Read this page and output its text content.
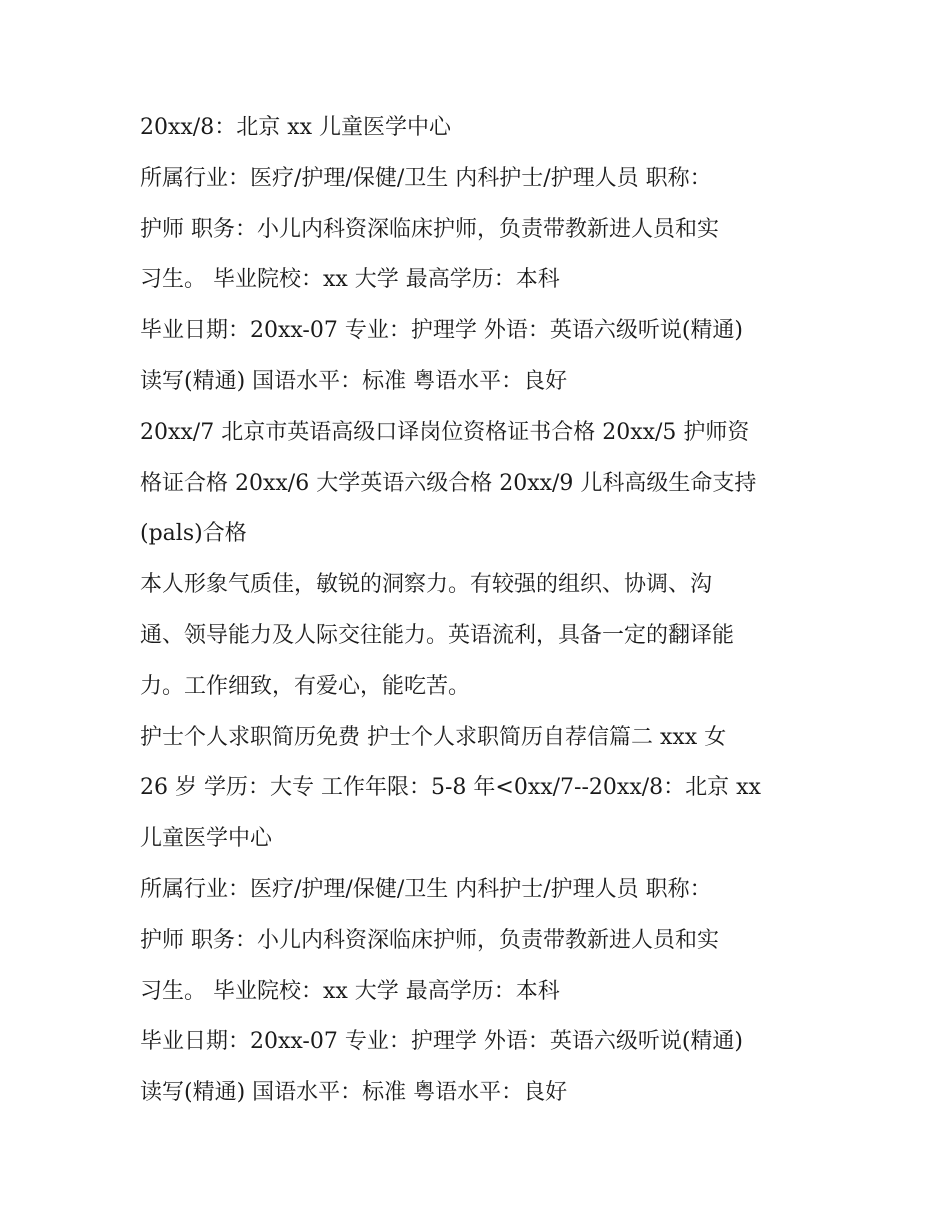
20xx/8：北京 xx 儿童医学中心
所属行业：医疗/护理/保健/卫生 内科护士/护理人员 职称：
护师 职务：小儿内科资深临床护师，负责带教新进人员和实
习生。 毕业院校：xx 大学 最高学历：本科
毕业日期：20xx-07 专业：护理学 外语：英语六级听说(精通)
读写(精通) 国语水平：标准 粤语水平：良好
20xx/7 北京市英语高级口译岗位资格证书合格 20xx/5 护师资
格证合格 20xx/6 大学英语六级合格 20xx/9 儿科高级生命支持
(pals)合格
本人形象气质佳，敏锐的洞察力。有较强的组织、协调、沟
通、领导能力及人际交往能力。英语流利，具备一定的翻译能
力。工作细致，有爱心，能吃苦。
护士个人求职简历免费 护士个人求职简历自荐信篇二 xxx 女
26 岁 学历：大专 工作年限：5-8 年<0xx/7--20xx/8：北京 xx
儿童医学中心
所属行业：医疗/护理/保健/卫生 内科护士/护理人员 职称：
护师 职务：小儿内科资深临床护师，负责带教新进人员和实
习生。 毕业院校：xx 大学 最高学历：本科
毕业日期：20xx-07 专业：护理学 外语：英语六级听说(精通)
读写(精通) 国语水平：标准 粤语水平：良好
